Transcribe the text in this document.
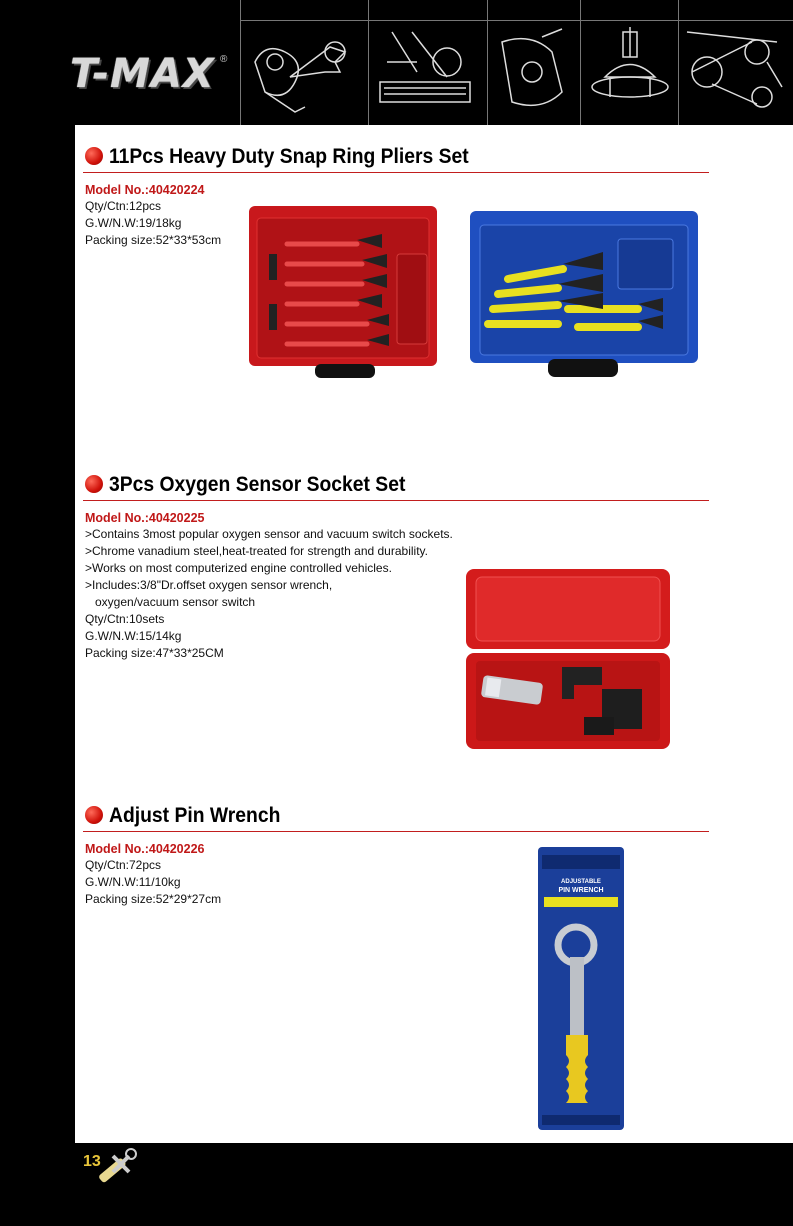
T-MAX ®
11Pcs Heavy Duty Snap Ring Pliers Set
Model No.:40420224
Qty/Ctn:12pcs
G.W/N.W:19/18kg
Packing size:52*33*53cm
3Pcs Oxygen Sensor Socket Set
Model No.:40420225
>Contains 3most popular oxygen sensor and vacuum switch sockets.
>Chrome vanadium steel,heat-treated for strength and durability.
>Works on most computerized engine controlled vehicles.
>Includes:3/8"Dr.offset oxygen sensor wrench,
oxygen/vacuum sensor switch
Qty/Ctn:10sets
G.W/N.W:15/14kg
Packing size:47*33*25CM
Adjust Pin Wrench
Model No.:40420226
Qty/Ctn:72pcs
G.W/N.W:11/10kg
Packing size:52*29*27cm
ADJUSTABLE
PIN WRENCH
13
